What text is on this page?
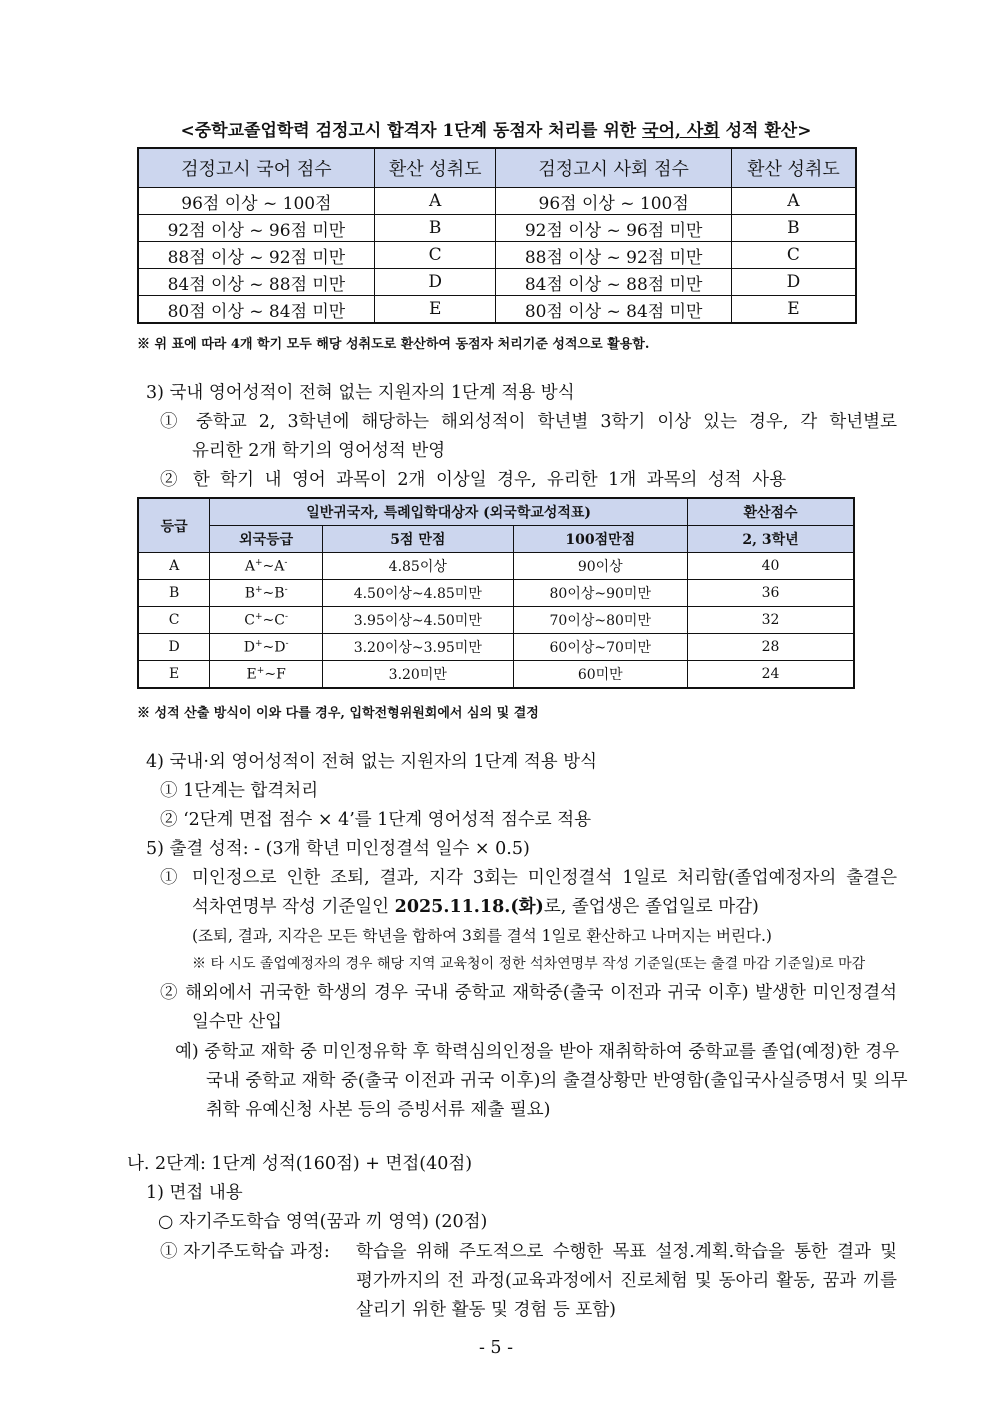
<중학교졸업학력 검정고시 합격자 1단계 동점자 처리를 위한 국어, 사회 성적 환산>
검정고시 국어 점수	환산 성취도	검정고시 사회 점수	환산 성취도
96점 이상 ~ 100점	A	96점 이상 ~ 100점	A
92점 이상 ~ 96점 미만	B	92점 이상 ~ 96점 미만	B
88점 이상 ~ 92점 미만	C	88점 이상 ~ 92점 미만	C
84점 이상 ~ 88점 미만	D	84점 이상 ~ 88점 미만	D
80점 이상 ~ 84점 미만	E	80점 이상 ~ 84점 미만	E
※ 위 표에 따라 4개 학기 모두 해당 성취도로 환산하여 동점자 처리기준 성적으로 활용함.
3) 국내 영어성적이 전혀 없는 지원자의 1단계 적용 방식
① 중학교 2, 3학년에 해당하는 해외성적이 학년별 3학기 이상 있는 경우, 각 학년별로
유리한 2개 학기의 영어성적 반영
② 한 학기 내 영어 과목이 2개 이상일 경우, 유리한 1개 과목의 성적 사용
등급	일반귀국자, 특례입학대상자 (외국학교성적표)			환산점수
	외국등급	5점 만점	100점만점	2, 3학년
A	A+~A-	4.85이상	90이상	40
B	B+~B-	4.50이상~4.85미만	80이상~90미만	36
C	C+~C-	3.95이상~4.50미만	70이상~80미만	32
D	D+~D-	3.20이상~3.95미만	60이상~70미만	28
E	E+~F	3.20미만	60미만	24
※ 성적 산출 방식이 이와 다를 경우, 입학전형위원회에서 심의 및 결정
4) 국내·외 영어성적이 전혀 없는 지원자의 1단계 적용 방식
① 1단계는 합격처리
② ‘2단계 면접 점수 × 4’를 1단계 영어성적 점수로 적용
5) 출결 성적: - (3개 학년 미인정결석 일수 × 0.5)
① 미인정으로 인한 조퇴, 결과, 지각 3회는 미인정결석 1일로 처리함(졸업예정자의 출결은
석차연명부 작성 기준일인 2025.11.18.(화)로, 졸업생은 졸업일로 마감)
(조퇴, 결과, 지각은 모든 학년을 합하여 3회를 결석 1일로 환산하고 나머지는 버린다.)
※ 타 시도 졸업예정자의 경우 해당 지역 교육청이 정한 석차연명부 작성 기준일(또는 출결 마감 기준일)로 마감
② 해외에서 귀국한 학생의 경우 국내 중학교 재학중(출국 이전과 귀국 이후) 발생한 미인정결석
일수만 산입
예) 중학교 재학 중 미인정유학 후 학력심의인정을 받아 재취학하여 중학교를 졸업(예정)한 경우
국내 중학교 재학 중(출국 이전과 귀국 이후)의 출결상황만 반영함(출입국사실증명서 및 의무
취학 유예신청 사본 등의 증빙서류 제출 필요)
나. 2단계: 1단계 성적(160점) + 면접(40점)
1) 면접 내용
○ 자기주도학습 영역(꿈과 끼 영역) (20점)
① 자기주도학습 과정: 학습을 위해 주도적으로 수행한 목표 설정.계획.학습을 통한 결과 및
평가까지의 전 과정(교육과정에서 진로체험 및 동아리 활동, 꿈과 끼를
살리기 위한 활동 및 경험 등 포함)
- 5 -
